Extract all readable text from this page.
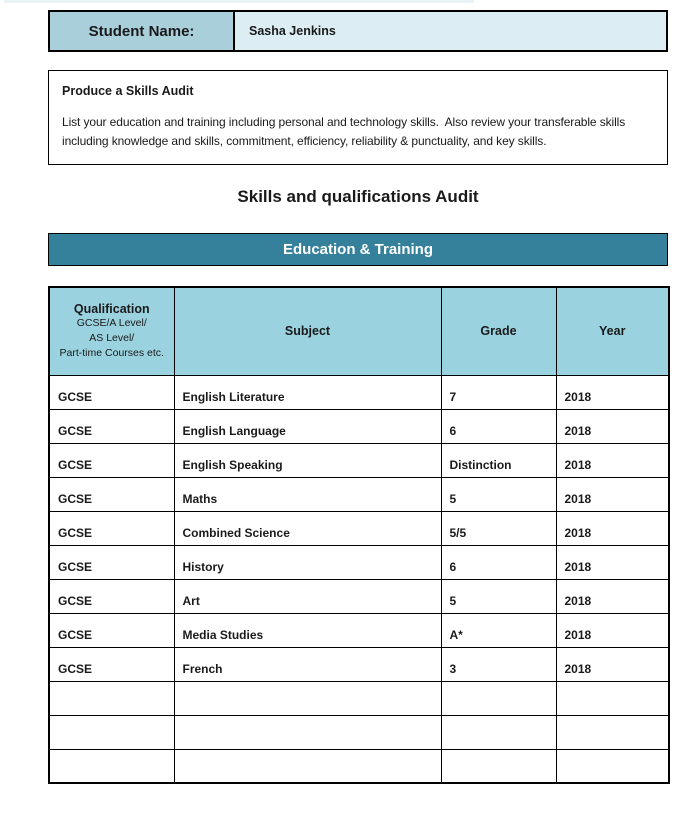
Student Name:	Sasha Jenkins
Produce a Skills Audit
List your education and training including personal and technology skills.  Also review your transferable skills including knowledge and skills, commitment, efficiency, reliability & punctuality, and key skills.
Skills and qualifications Audit
Education & Training
Qualification
GCSE/A Level/
AS Level/
Part-time Courses etc.	Subject	Grade	Year
GCSE	English Literature	7	2018
GCSE	English Language	6	2018
GCSE	English Speaking	Distinction	2018
GCSE	Maths	5	2018
GCSE	Combined Science	5/5	2018
GCSE	History	6	2018
GCSE	Art	5	2018
GCSE	Media Studies	A*	2018
GCSE	French	3	2018
